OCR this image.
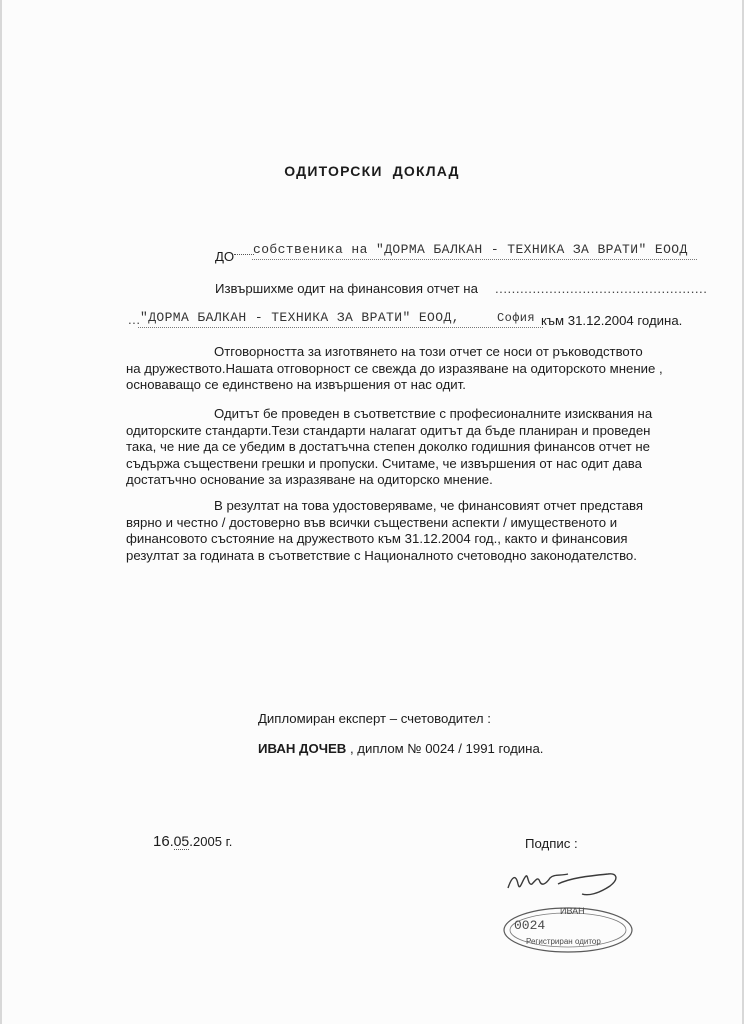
ОДИТОРСКИ ДОКЛАД
ДО собственика на "ДОРМА БАЛКАН - ТЕХНИКА ЗА ВРАТИ" ЕООД
Извършихме одит на финансовия отчет на ...................................................
... "ДОРМА БАЛКАН - ТЕХНИКА ЗА ВРАТИ" ЕООД,	София към 31.12.2004 година.
Отговорността за изготвянето на този отчет се носи от ръководството
на дружеството.Нашата отговорност се свежда до изразяване на одиторското мнение ,
основаващо се единствено на извършения от нас одит.
Одитът бе проведен в съответствие с професионалните изисквания на
одиторските стандарти.Тези стандарти налагат одитът да бъде планиран и проведен
така, че ние да се убедим в достатъчна степен доколко годишния финансов отчет не
съдържа съществени грешки и пропуски. Считаме, че извършения от нас одит дава
достатъчно основание за изразяване на одиторско мнение.
В резултат на това удостоверяваме, че финансовият отчет представя
вярно и честно / достоверно във всички съществени аспекти / имущественото и
финансовото състояние на дружеството към 31.12.2004 год., както и финансовия
резултат за годината в съответствие с Националното счетоводно законодателство.
Дипломиран експерт – счетоводител :
ИВАН ДОЧЕВ , диплом № 0024 / 1991 година.
16.05.2005 г.	Подпис :
ИВАН
0024
Регистриран одитор
